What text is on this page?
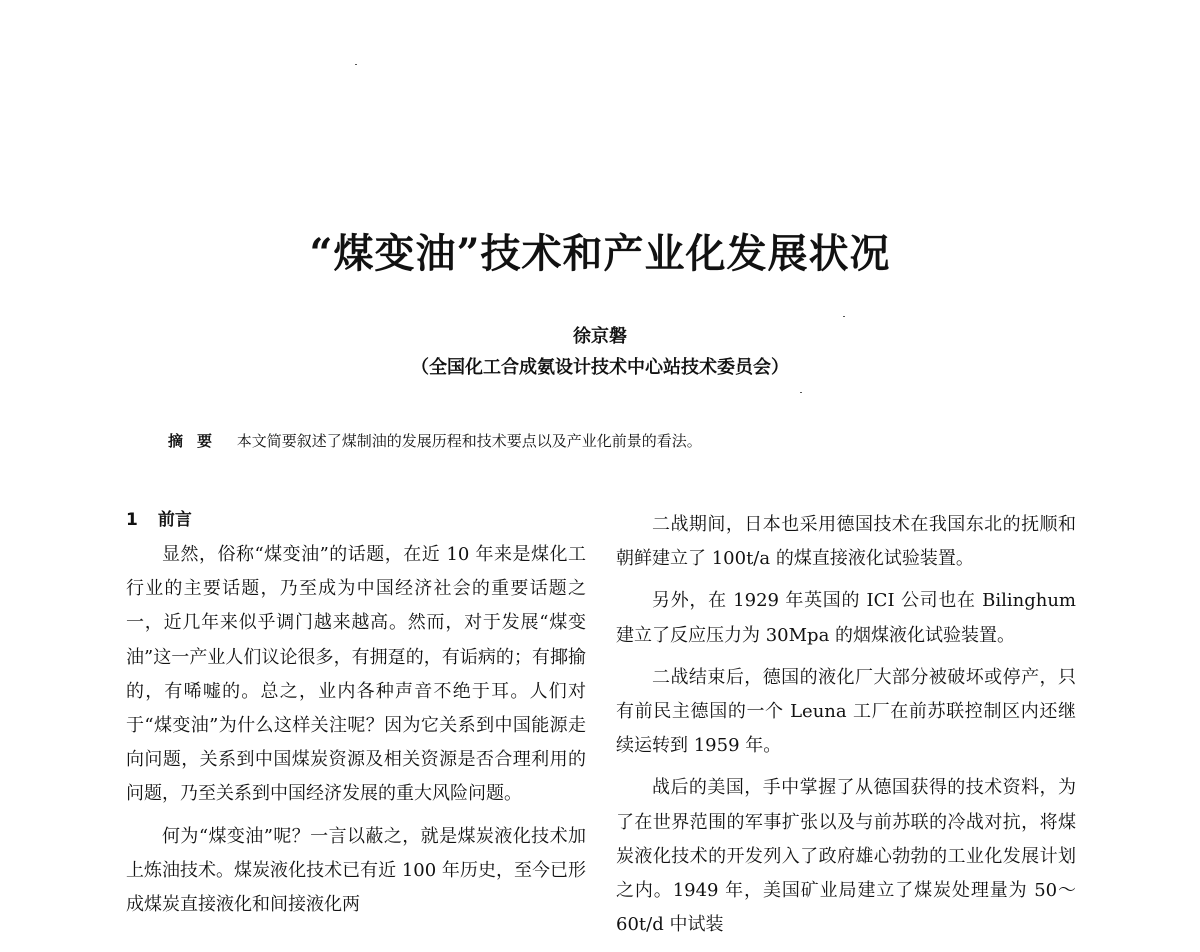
“煤变油”技术和产业化发展状况
徐京磐
（全国化工合成氨设计技术中心站技术委员会）
摘要 本文简要叙述了煤制油的发展历程和技术要点以及产业化前景的看法。
1 前言

显然，俗称“煤变油”的话题，在近 10 年来是煤化工行业的主要话题，乃至成为中国经济社会的重要话题之一，近几年来似乎调门越来越高。然而，对于发展“煤变油”这一产业人们议论很多，有拥趸的，有诟病的；有揶揄的，有唏嘘的。总之，业内各种声音不绝于耳。人们对于“煤变油”为什么这样关注呢？因为它关系到中国能源走向问题，关系到中国煤炭资源及相关资源是否合理利用的问题，乃至关系到中国经济发展的重大风险问题。

何为“煤变油”呢？一言以蔽之，就是煤炭液化技术加上炼油技术。煤炭液化技术已有近 100 年历史，至今已形成煤炭直接液化和间接液化两

二战期间，日本也采用德国技术在我国东北的抚顺和朝鲜建立了 100t/a 的煤直接液化试验装置。

另外，在 1929 年英国的 ICI 公司也在 Bilinghum 建立了反应压力为 30Mpa 的烟煤液化试验装置。

二战结束后，德国的液化厂大部分被破坏或停产，只有前民主德国的一个 Leuna 工厂在前苏联控制区内还继续运转到 1959 年。

战后的美国，手中掌握了从德国获得的技术资料，为了在世界范围的军事扩张以及与前苏联的冷战对抗，将煤炭液化技术的开发列入了政府雄心勃勃的工业化发展计划之内。1949 年，美国矿业局建立了煤炭处理量为 50～60t/d 中试装
